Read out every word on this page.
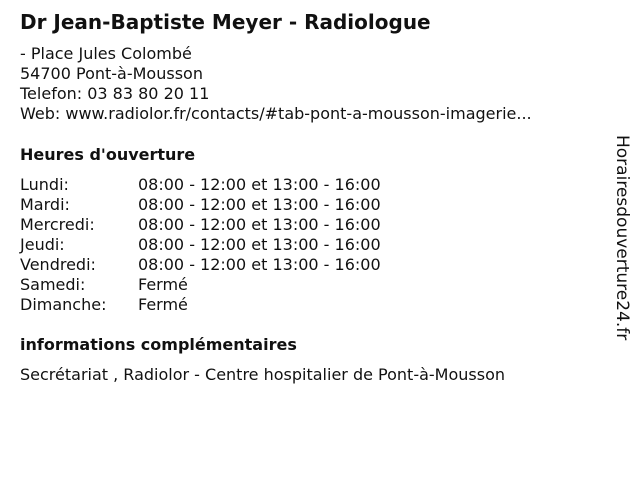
Dr Jean-Baptiste Meyer - Radiologue
- Place Jules Colombé
54700 Pont-à-Mousson
Telefon: 03 83 80 20 11
Web: www.radiolor.fr/contacts/#tab-pont-a-mousson-imagerie...
Heures d'ouverture
Lundi:	08:00 - 12:00 et 13:00 - 16:00
Mardi:	08:00 - 12:00 et 13:00 - 16:00
Mercredi:	08:00 - 12:00 et 13:00 - 16:00
Jeudi:	08:00 - 12:00 et 13:00 - 16:00
Vendredi:	08:00 - 12:00 et 13:00 - 16:00
Samedi:	Fermé
Dimanche:	Fermé
informations complémentaires
Secrétariat , Radiolor - Centre hospitalier de Pont-à-Mousson
Horairesdouverture24.fr
